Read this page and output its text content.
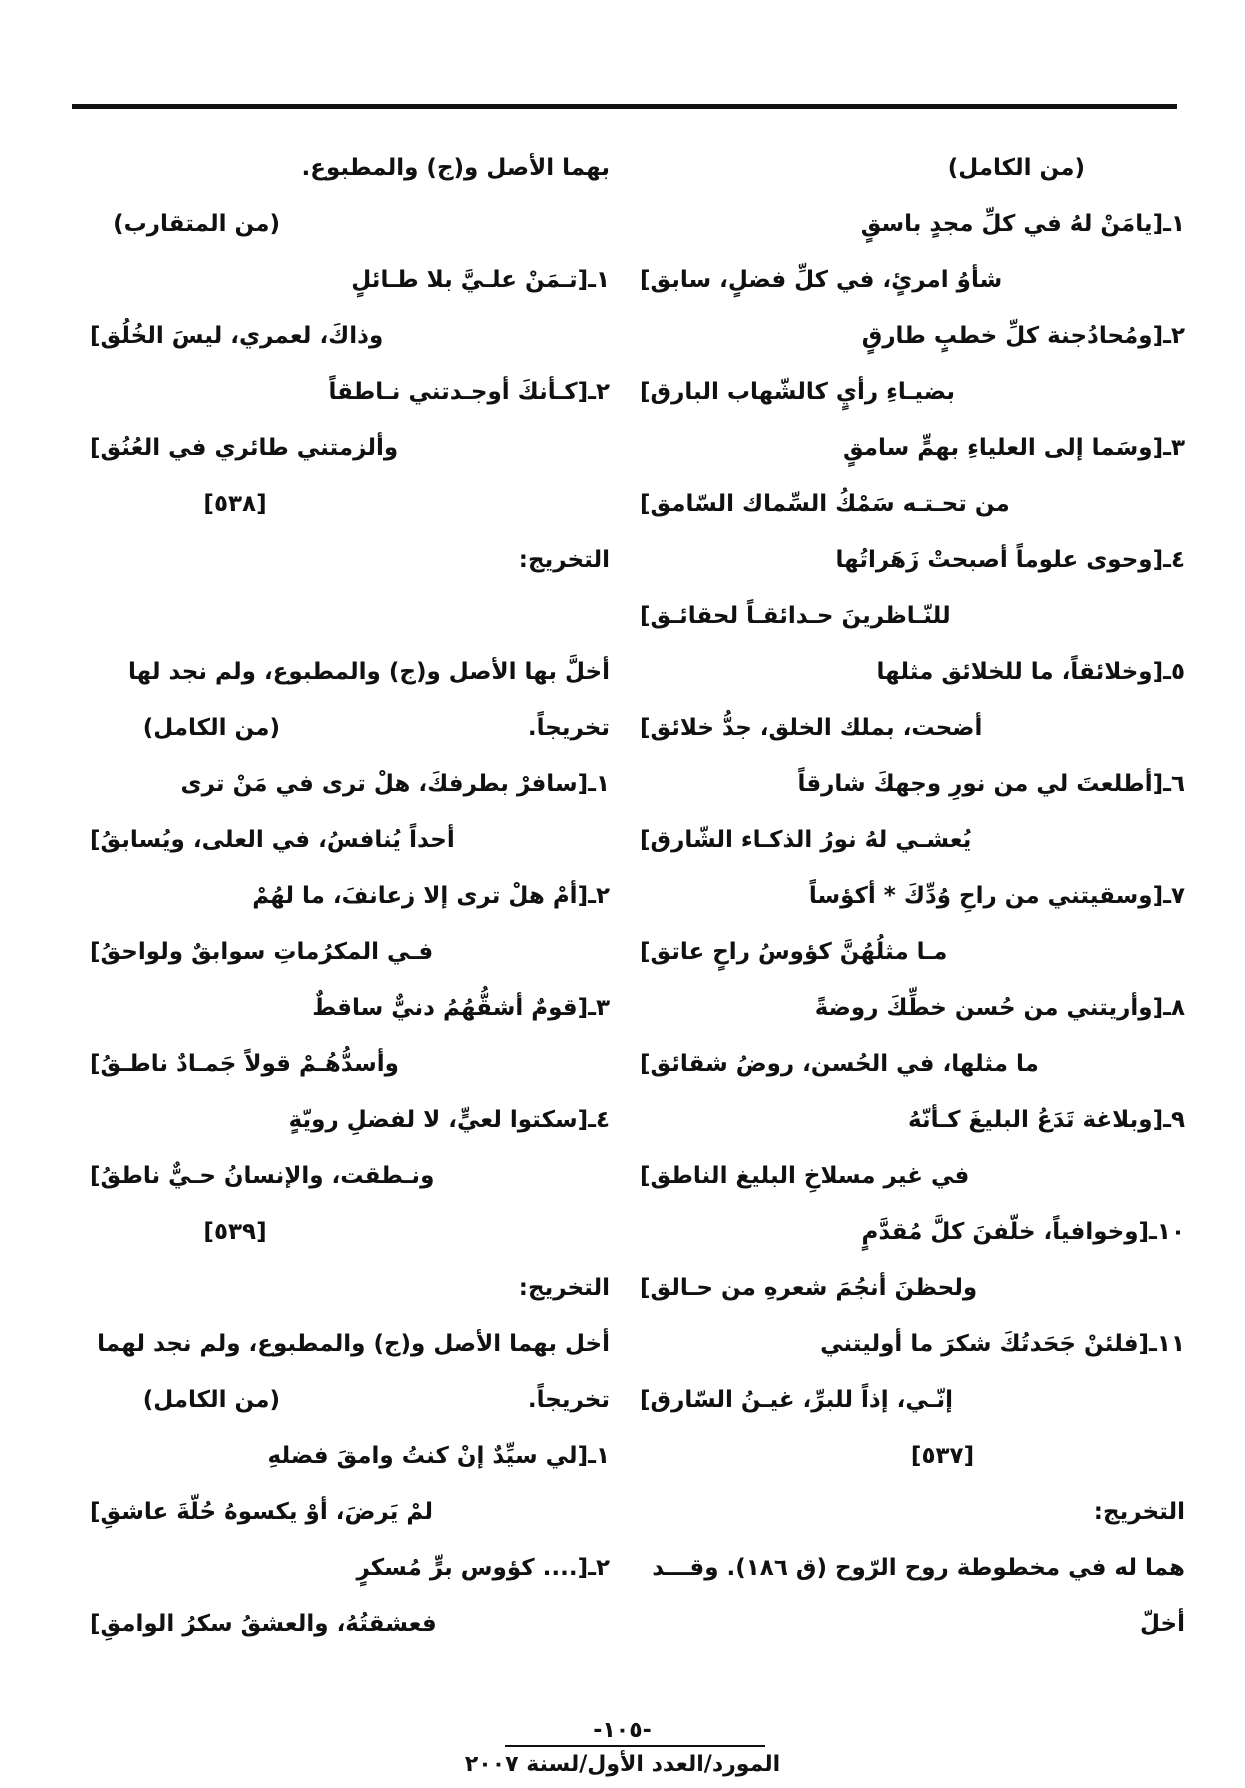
(من الكامل)
١ـ[يامَنْ لهُ في كلِّ مجدٍ باسقٍ
شأوُ امرئٍ، في كلِّ فضلٍ، سابق]
٢ـ[ومُحادُجنة كلِّ خطبٍ طارقٍ
بضيـاءِ رأيٍ كالشّهاب البارق]
٣ـ[وسَما إلى العلياءِ بهمٍّ سامقٍ
من تحـتـه سَمْكُ السِّماك السّامق]
٤ـ[وحوى علوماً أصبحتْ زَهَراتُها
للنّـاظرينَ حـدائقـاً لحقائـق]
٥ـ[وخلائقاً، ما للخلائق مثلها
أضحت، بملك الخلق، جدُّ خلائق]
٦ـ[أطلعتَ لي من نورِ وجهكَ شارقاً
يُعشـي لهُ نورُ الذكـاء الشّارق]
٧ـ[وسقيتني من راحِ وُدِّكَ * أكؤساً
مـا مثلُهُنَّ كؤوسُ راحٍ عاتق]
٨ـ[وأريتني من حُسن خطِّكَ روضةً
ما مثلها، في الحُسن، روضُ شقائق]
٩ـ[وبلاغة تَدَعُ البليغَ كـأنّهُ
في غير مسلاخِ البليغ الناطق]
١٠ـ[وخوافياً، خلّفنَ كلَّ مُقدَّمٍ
ولحظنَ أنجُمَ شعرهِ من حـالق]
١١ـ[فلئنْ جَحَدتُكَ شكرَ ما أوليتني
إنّـي، إذاً للبرِّ، غيـنُ السّارق]
[٥٣٧]
التخريج:
هما له في مخطوطة روح الرّوح (ق ١٨٦). وقـــد أخلّ
بهما الأصل و(ج) والمطبوع.
(من المتقارب)
١ـ[تـمَنْ علـيَّ بلا طـائلٍ
وذاكَ، لعمري، ليسَ الخُلُق]
٢ـ[كـأنكَ أوجـدتني نـاطقاً
وألزمتني طائري في العُنُق]
[٥٣٨]
التخريج:
أخلَّ بها الأصل و(ج) والمطبوع، ولم نجد لها تخريجاً.
(من الكامل)
١ـ[سافرْ بطرفكَ، هلْ ترى في مَنْ ترى
أحداً يُنافسُ، في العلى، ويُسابقُ]
٢ـ[أمْ هلْ ترى إلا زعانفَ، ما لهُمْ
فـي المكرُماتِ سوابقٌ ولواحقُ]
٣ـ[قومٌ أشقُّهُمُ دنيٌّ ساقطٌ
وأسدُّهُـمْ قولاً جَمـادٌ ناطـقُ]
٤ـ[سكتوا لعيٍّ، لا لفضلِ رويّةٍ
ونـطقت، والإنسانُ حـيٌّ ناطقُ]
[٥٣٩]
التخريج:
أخل بهما الأصل و(ج) والمطبوع، ولم نجد لهما تخريجاً.
(من الكامل)
١ـ[لي سيِّدٌ إنْ كنتُ وامقَ فضلهِ
لمْ يَرضَ، أوْ يكسوهُ حُلّةَ عاشقِ]
٢ـ[.... كؤوس برٍّ مُسكرٍ
فعشقتُهُ، والعشقُ سكرُ الوامقِ]
-١٠٥-
المورد/العدد الأول/لسنة ٢٠٠٧
